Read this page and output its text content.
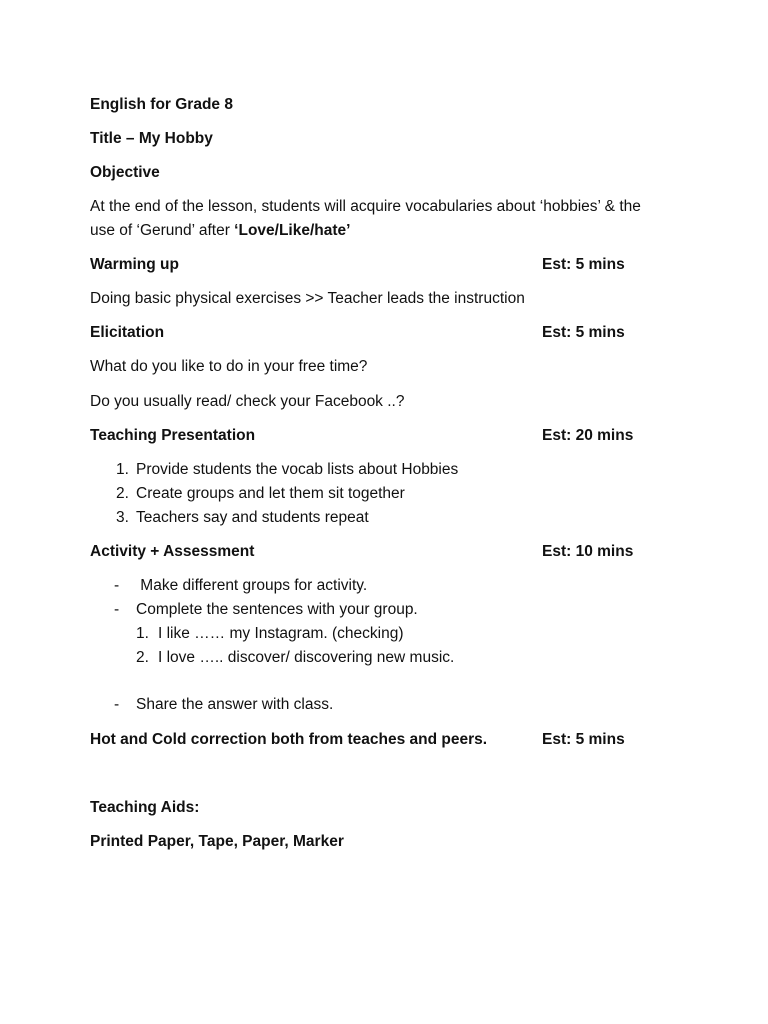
English for Grade 8
Title – My Hobby
Objective
At the end of the lesson, students will acquire vocabularies about ‘hobbies’ & the
use of ‘Gerund’ after ‘Love/Like/hate’
Warming up	Est: 5 mins
Doing basic physical exercises >> Teacher leads the instruction
Elicitation	Est: 5 mins
What do you like to do in your free time?
Do you usually read/ check your Facebook ..?
Teaching Presentation	Est: 20 mins
1. Provide students the vocab lists about Hobbies
2. Create groups and let them sit together
3. Teachers say and students repeat
Activity + Assessment	Est: 10 mins
- Make different groups for activity.
- Complete the sentences with your group.
1. I like …… my Instagram. (checking)
2. I love ….. discover/ discovering new music.
- Share the answer with class.
Hot and Cold correction both from teaches and peers.	Est: 5 mins
Teaching Aids:
Printed Paper, Tape, Paper, Marker
